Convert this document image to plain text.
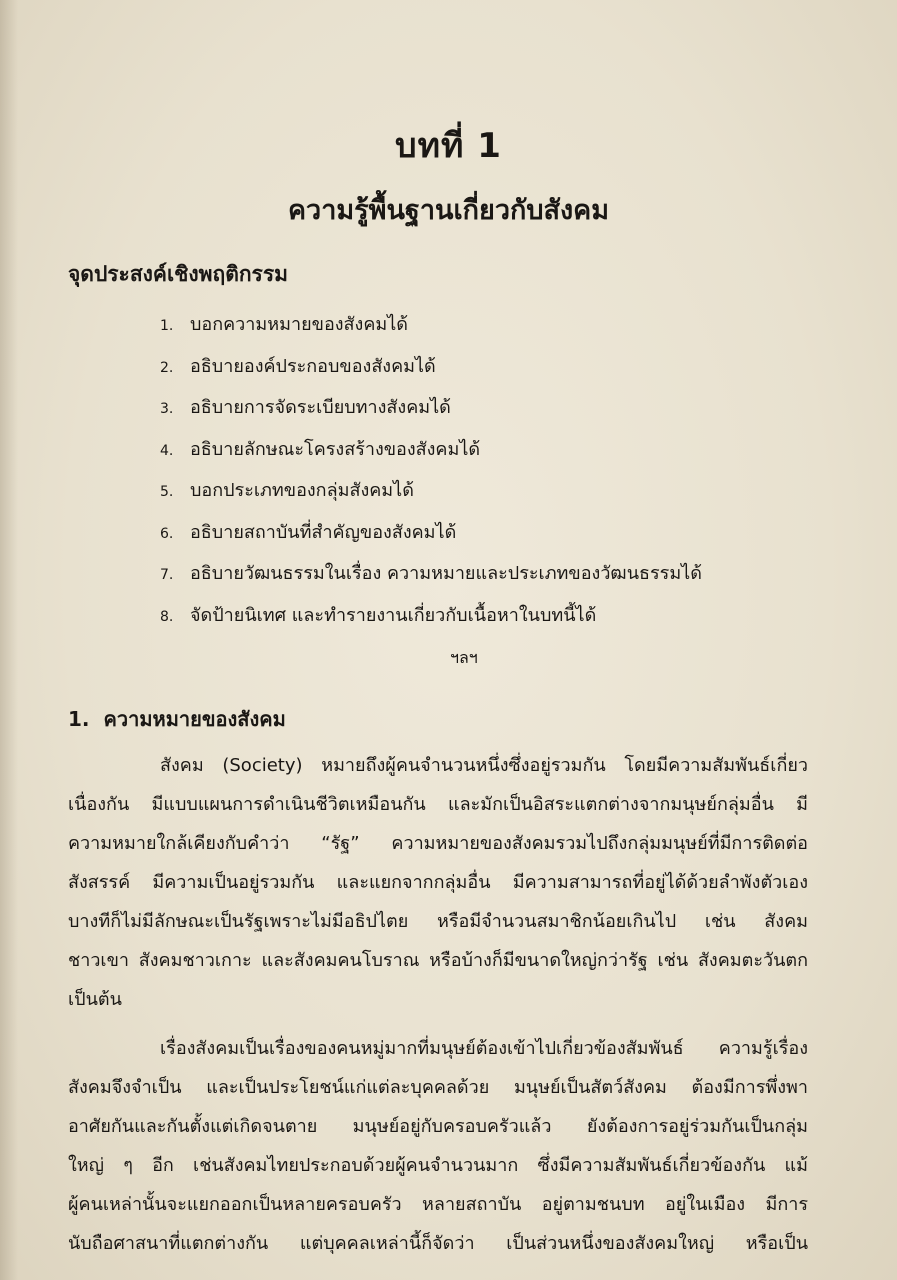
บทที่ 1
ความรู้พื้นฐานเกี่ยวกับสังคม
จุดประสงค์เชิงพฤติกรรม
1. บอกความหมายของสังคมได้
2. อธิบายองค์ประกอบของสังคมได้
3. อธิบายการจัดระเบียบทางสังคมได้
4. อธิบายลักษณะโครงสร้างของสังคมได้
5. บอกประเภทของกลุ่มสังคมได้
6. อธิบายสถาบันที่สำคัญของสังคมได้
7. อธิบายวัฒนธรรมในเรื่อง ความหมายและประเภทของวัฒนธรรมได้
8. จัดป้ายนิเทศ และทำรายงานเกี่ยวกับเนื้อหาในบทนี้ได้
ฯลฯ
1. ความหมายของสังคม
สังคม (Society) หมายถึงผู้คนจำนวนหนึ่งซึ่งอยู่รวมกัน โดยมีความสัมพันธ์เกี่ยว
เนื่องกัน มีแบบแผนการดำเนินชีวิตเหมือนกัน และมักเป็นอิสระแตกต่างจากมนุษย์กลุ่มอื่น มี
ความหมายใกล้เคียงกับคำว่า “รัฐ” ความหมายของสังคมรวมไปถึงกลุ่มมนุษย์ที่มีการติดต่อ
สังสรรค์ มีความเป็นอยู่รวมกัน และแยกจากกลุ่มอื่น มีความสามารถที่อยู่ได้ด้วยลำพังตัวเอง
บางทีก็ไม่มีลักษณะเป็นรัฐเพราะไม่มีอธิปไตย หรือมีจำนวนสมาชิกน้อยเกินไป เช่น สังคม
ชาวเขา สังคมชาวเกาะ และสังคมคนโบราณ หรือบ้างก็มีขนาดใหญ่กว่ารัฐ เช่น สังคมตะวันตก
เป็นต้น
เรื่องสังคมเป็นเรื่องของคนหมู่มากที่มนุษย์ต้องเข้าไปเกี่ยวข้องสัมพันธ์ ความรู้เรื่อง
สังคมจึงจำเป็น และเป็นประโยชน์แก่แต่ละบุคคลด้วย มนุษย์เป็นสัตว์สังคม ต้องมีการพึ่งพา
อาศัยกันและกันตั้งแต่เกิดจนตาย มนุษย์อยู่กับครอบครัวแล้ว ยังต้องการอยู่ร่วมกันเป็นกลุ่ม
ใหญ่ ๆ อีก เช่นสังคมไทยประกอบด้วยผู้คนจำนวนมาก ซึ่งมีความสัมพันธ์เกี่ยวข้องกัน แม้
ผู้คนเหล่านั้นจะแยกออกเป็นหลายครอบครัว หลายสถาบัน อยู่ตามชนบท อยู่ในเมือง มีการ
นับถือศาสนาที่แตกต่างกัน แต่บุคคลเหล่านี้ก็จัดว่า เป็นส่วนหนึ่งของสังคมใหญ่ หรือเป็น
